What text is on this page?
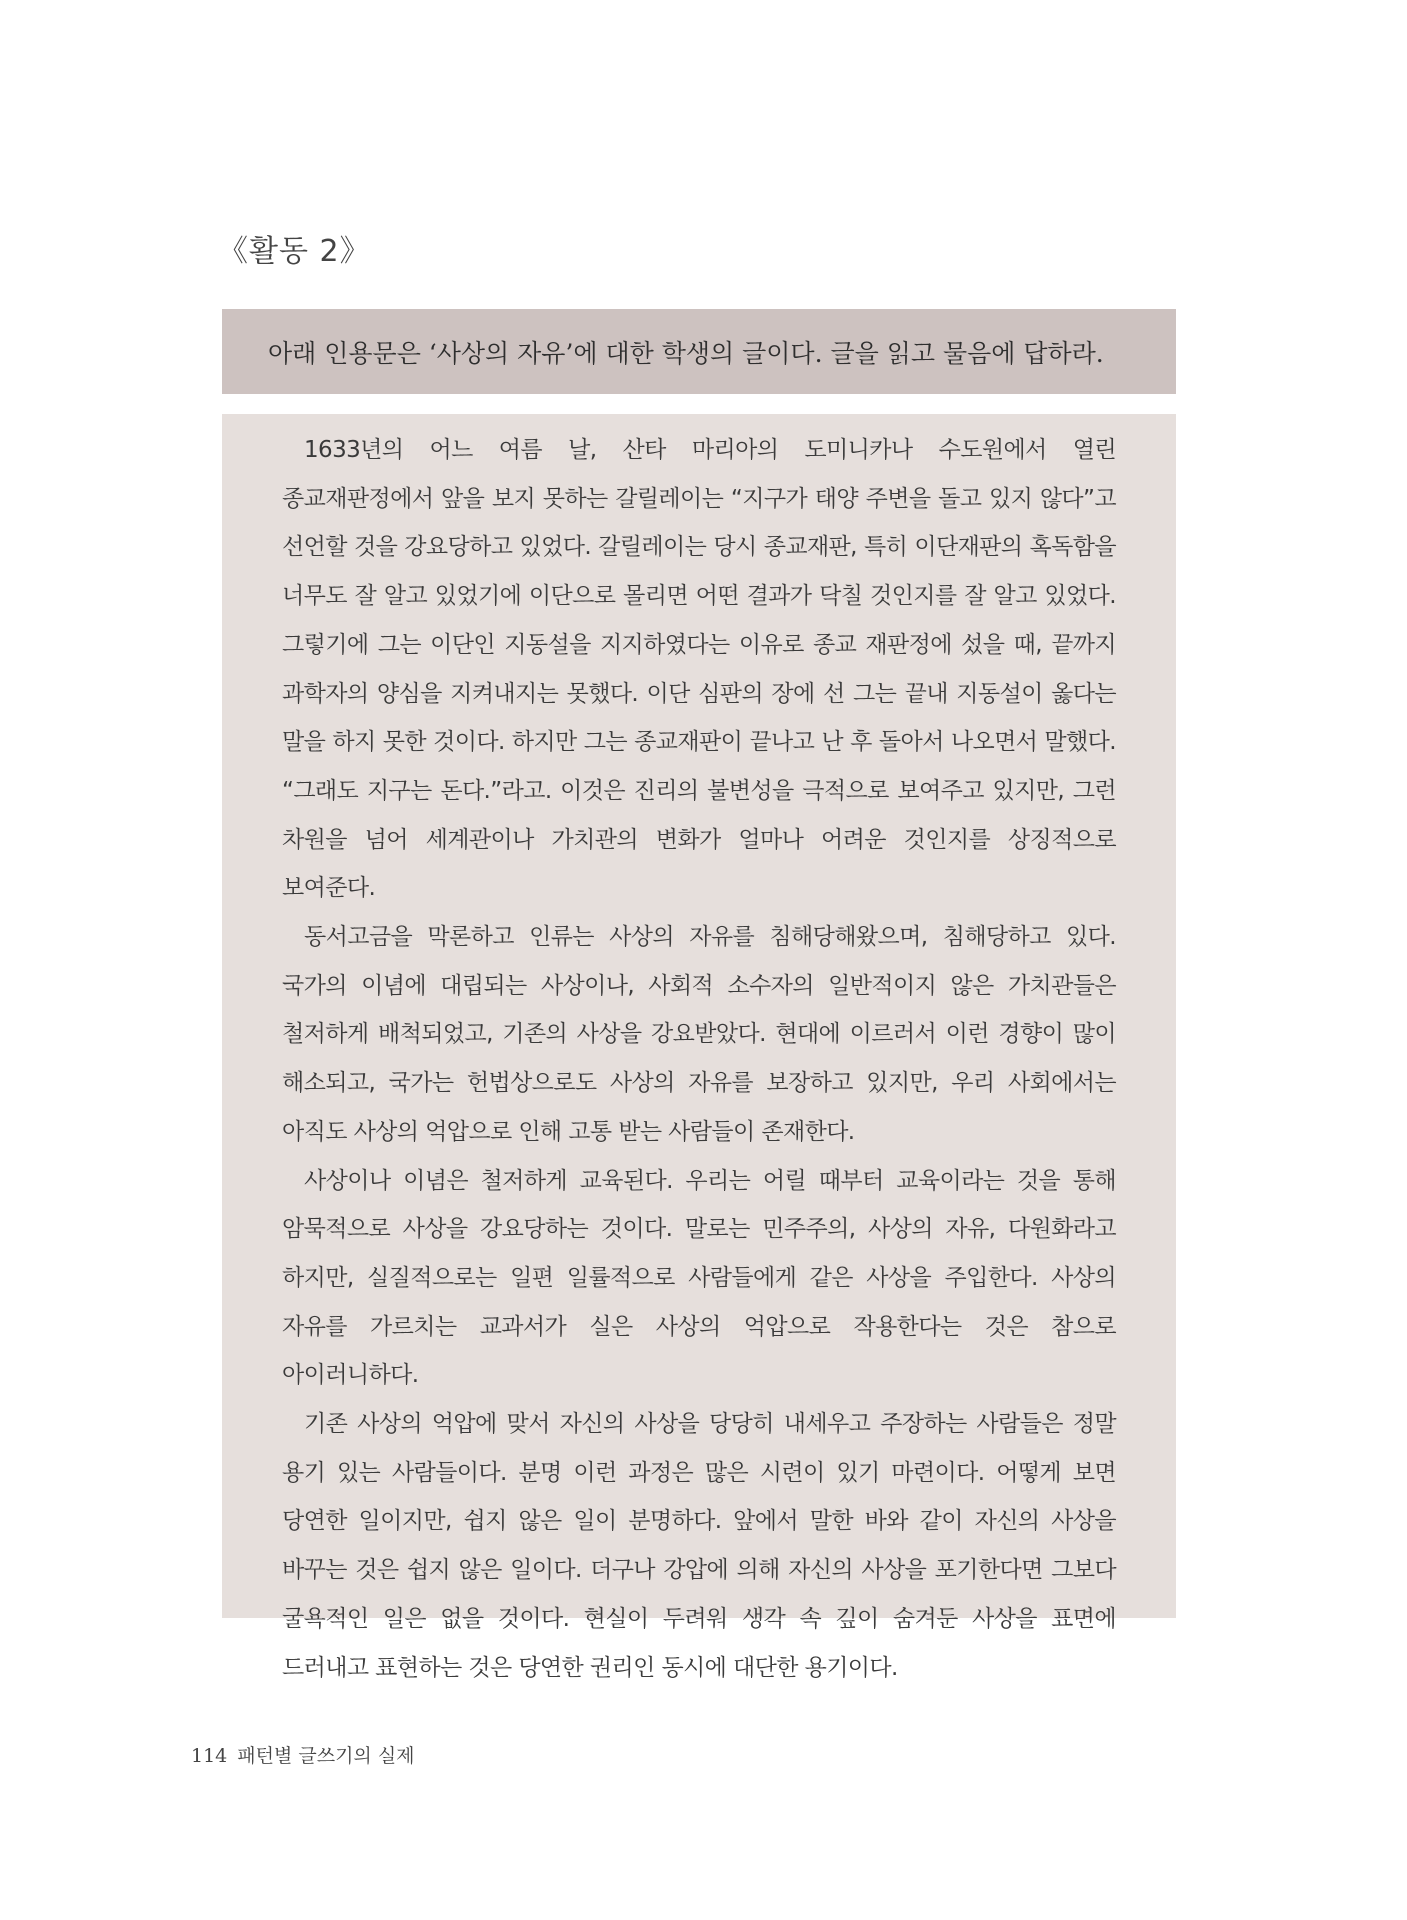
《활동 2》
아래 인용문은 ‘사상의 자유’에 대한 학생의 글이다. 글을 읽고 물음에 답하라.

1633년의 어느 여름 날, 산타 마리아의 도미니카나 수도원에서 열린 종교재판정에서 앞을 보지 못하는 갈릴레이는 “지구가 태양 주변을 돌고 있지 않다”고 선언할 것을 강요당하고 있었다. 갈릴레이는 당시 종교재판, 특히 이단재판의 혹독함을 너무도 잘 알고 있었기에 이단으로 몰리면 어떤 결과가 닥칠 것인지를 잘 알고 있었다. 그렇기에 그는 이단인 지동설을 지지하였다는 이유로 종교 재판정에 섰을 때, 끝까지 과학자의 양심을 지켜내지는 못했다. 이단 심판의 장에 선 그는 끝내 지동설이 옳다는 말을 하지 못한 것이다. 하지만 그는 종교재판이 끝나고 난 후 돌아서 나오면서 말했다. “그래도 지구는 돈다.”라고. 이것은 진리의 불변성을 극적으로 보여주고 있지만, 그런 차원을 넘어 세계관이나 가치관의 변화가 얼마나 어려운 것인지를 상징적으로 보여준다.

동서고금을 막론하고 인류는 사상의 자유를 침해당해왔으며, 침해당하고 있다. 국가의 이념에 대립되는 사상이나, 사회적 소수자의 일반적이지 않은 가치관들은 철저하게 배척되었고, 기존의 사상을 강요받았다. 현대에 이르러서 이런 경향이 많이 해소되고, 국가는 헌법상으로도 사상의 자유를 보장하고 있지만, 우리 사회에서는 아직도 사상의 억압으로 인해 고통 받는 사람들이 존재한다.

사상이나 이념은 철저하게 교육된다. 우리는 어릴 때부터 교육이라는 것을 통해 암묵적으로 사상을 강요당하는 것이다. 말로는 민주주의, 사상의 자유, 다원화라고 하지만, 실질적으로는 일편 일률적으로 사람들에게 같은 사상을 주입한다. 사상의 자유를 가르치는 교과서가 실은 사상의 억압으로 작용한다는 것은 참으로 아이러니하다.

기존 사상의 억압에 맞서 자신의 사상을 당당히 내세우고 주장하는 사람들은 정말 용기 있는 사람들이다. 분명 이런 과정은 많은 시련이 있기 마련이다. 어떻게 보면 당연한 일이지만, 쉽지 않은 일이 분명하다. 앞에서 말한 바와 같이 자신의 사상을 바꾸는 것은 쉽지 않은 일이다. 더구나 강압에 의해 자신의 사상을 포기한다면 그보다 굴욕적인 일은 없을 것이다. 현실이 두려워 생각 속 깊이 숨겨둔 사상을 표면에 드러내고 표현하는 것은 당연한 권리인 동시에 대단한 용기이다.

114 패턴별 글쓰기의 실제
